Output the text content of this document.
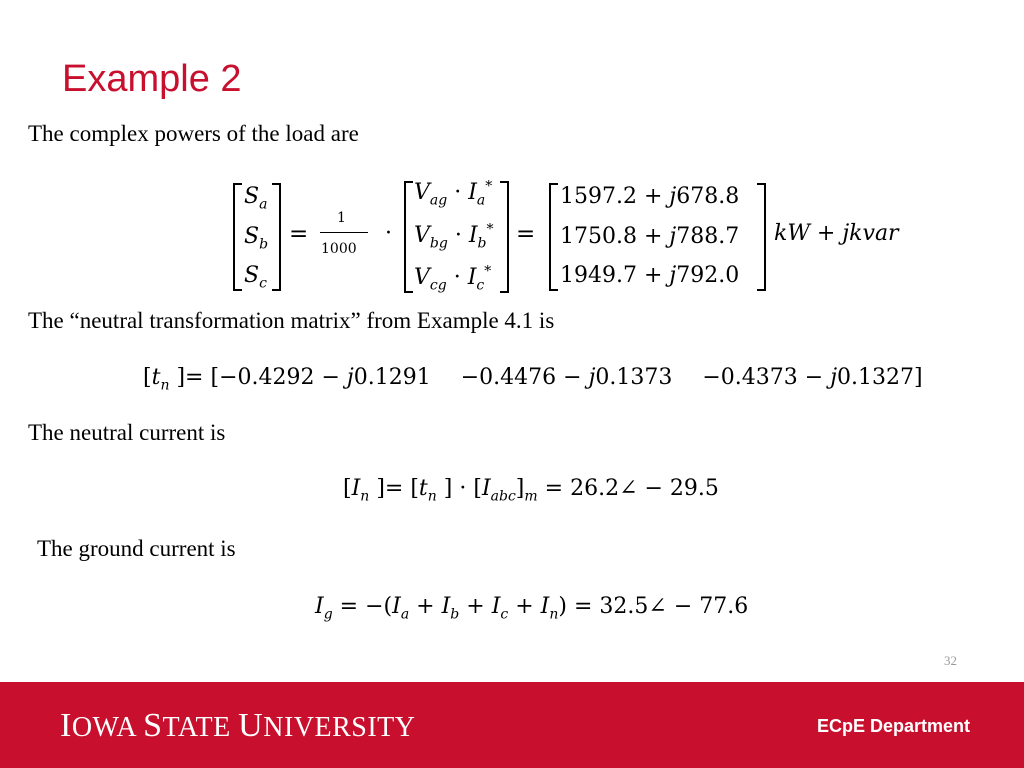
Example 2
The complex powers of the load are
$S_a$
$S_b$
$S_c$
=
1
1000
·
$V_{ag} \cdot I_a^*$
$V_{bg} \cdot I_b^*$
$V_{cg} \cdot I_c^*$
=
1597.2 + j678.8
1750.8 + j788.7
1949.7 + j792.0
kW + jkvar
The “neutral transformation matrix” from Example 4.1 is
[$t_n$ ]= [−0.4292 − j0.1291 −0.4476 − j0.1373 −0.4373 − j0.1327]
The neutral current is
[$I_n$ ]= [$t_n$ ] · $[I_{abc}]_m$ = 26.2∠ − 29.5
The ground current is
$I_g = -(I_a + I_b + I_c + I_n)$ = 32.5∠ − 77.6
32
IOWA STATE UNIVERSITY	ECpE Department
